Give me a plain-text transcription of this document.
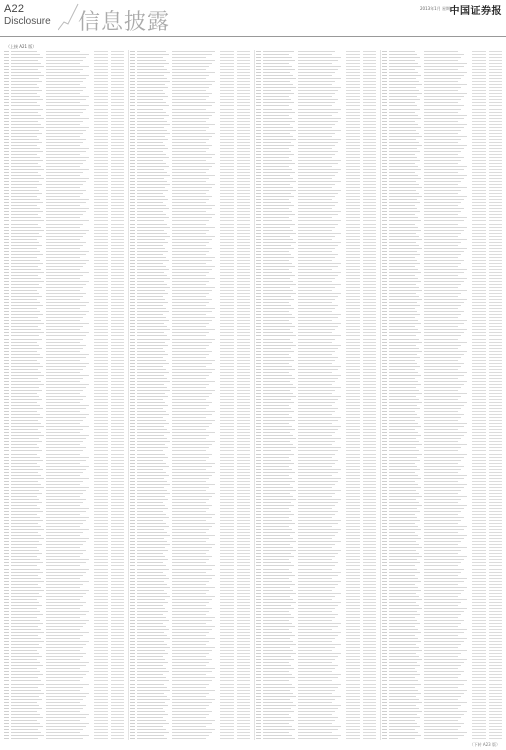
A22
Disclosure 信息披露
2013年1月 星期三
中国证券报
（上接 A21 版）
（下转 A23 版）
